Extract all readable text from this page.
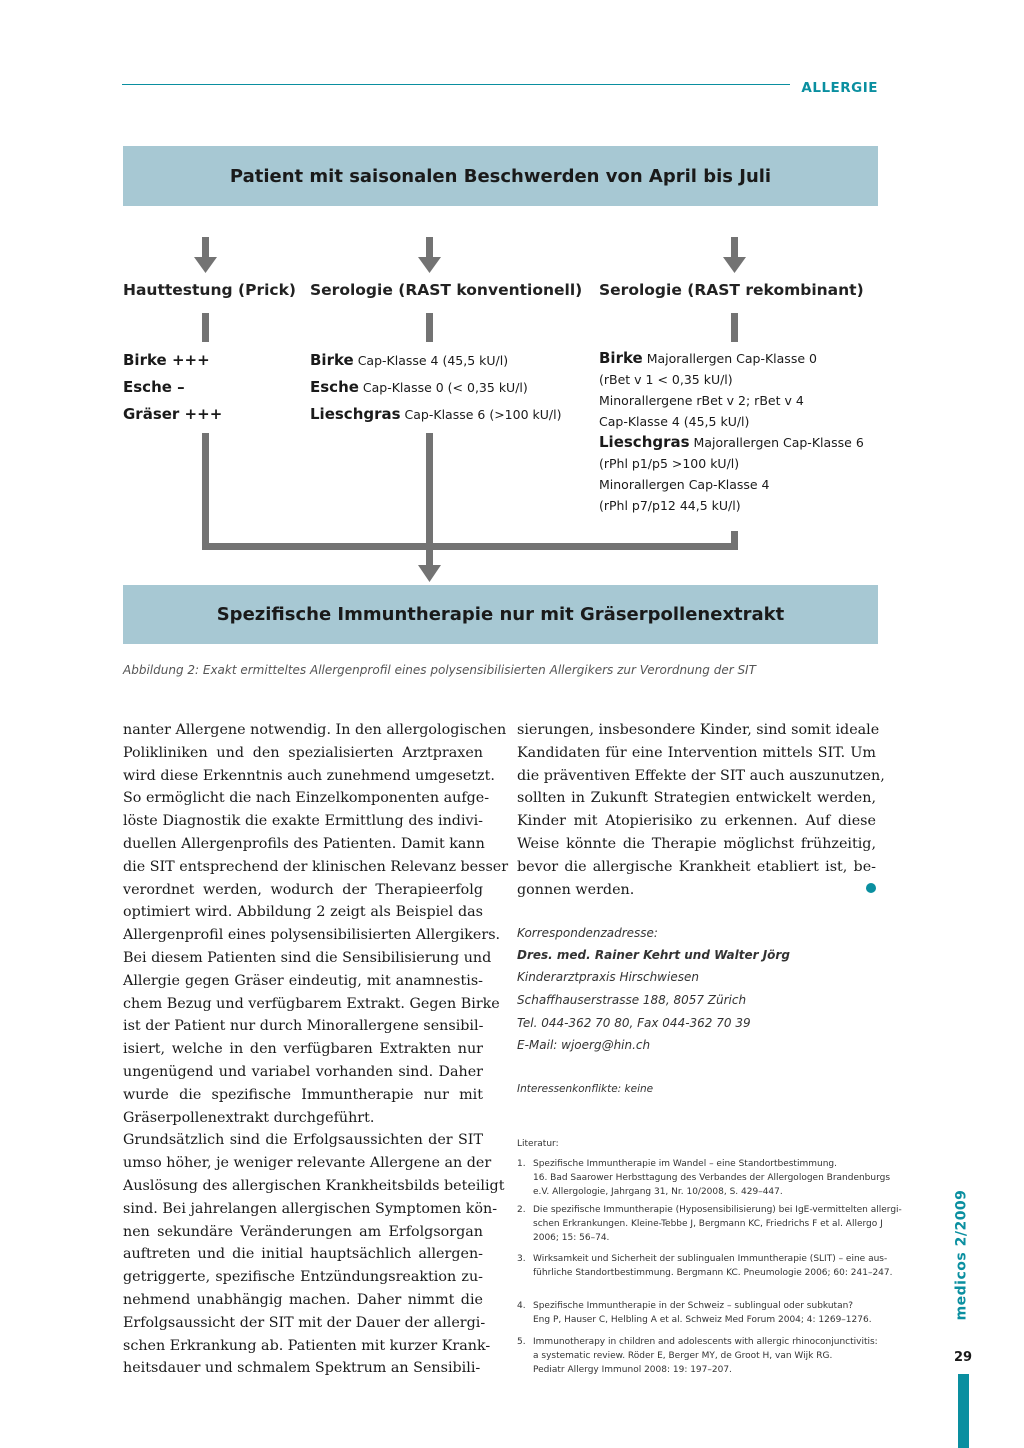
ALLERGIE
Patient mit saisonalen Beschwerden von April bis Juli
Hauttestung (Prick) Serologie (RAST konventionell) Serologie (RAST rekombinant)
Birke +++
Esche –
Gräser +++
Birke Cap-Klasse 4 (45,5 kU/l)
Esche Cap-Klasse 0 (< 0,35 kU/l)
Lieschgras Cap-Klasse 6 (>100 kU/l)
Birke Majorallergen Cap-Klasse 0
(rBet v 1 < 0,35 kU/l)
Minorallergene rBet v 2; rBet v 4
Cap-Klasse 4 (45,5 kU/l)
Lieschgras Majorallergen Cap-Klasse 6
(rPhl p1/p5 >100 kU/l)
Minorallergen Cap-Klasse 4
(rPhl p7/p12 44,5 kU/l)
Spezifische Immuntherapie nur mit Gräserpollenextrakt
Abbildung 2: Exakt ermitteltes Allergenprofil eines polysensibilisierten Allergikers zur Verordnung der SIT
nanter Allergene notwendig. In den allergologischen
Polikliniken und den spezialisierten Arztpraxen
wird diese Erkenntnis auch zunehmend umgesetzt.
So ermöglicht die nach Einzelkomponenten aufge-
löste Diagnostik die exakte Ermittlung des indivi-
duellen Allergenprofils des Patienten. Damit kann
die SIT entsprechend der klinischen Relevanz besser
verordnet werden, wodurch der Therapieerfolg
optimiert wird. Abbildung 2 zeigt als Beispiel das
Allergenprofil eines polysensibilisierten Allergikers.
Bei diesem Patienten sind die Sensibilisierung und
Allergie gegen Gräser eindeutig, mit anamnestis-
chem Bezug und verfügbarem Extrakt. Gegen Birke
ist der Patient nur durch Minorallergene sensibil-
isiert, welche in den verfügbaren Extrakten nur
ungenügend und variabel vorhanden sind. Daher
wurde die spezifische Immuntherapie nur mit
Gräserpollenextrakt durchgeführt.
Grundsätzlich sind die Erfolgsaussichten der SIT
umso höher, je weniger relevante Allergene an der
Auslösung des allergischen Krankheitsbilds beteiligt
sind. Bei jahrelangen allergischen Symptomen kön-
nen sekundäre Veränderungen am Erfolgsorgan
auftreten und die initial hauptsächlich allergen-
getriggerte, spezifische Entzündungsreaktion zu-
nehmend unabhängig machen. Daher nimmt die
Erfolgsaussicht der SIT mit der Dauer der allergi-
schen Erkrankung ab. Patienten mit kurzer Krank-
heitsdauer und schmalem Spektrum an Sensibili-
sierungen, insbesondere Kinder, sind somit ideale
Kandidaten für eine Intervention mittels SIT. Um
die präventiven Effekte der SIT auch auszunutzen,
sollten in Zukunft Strategien entwickelt werden,
Kinder mit Atopierisiko zu erkennen. Auf diese
Weise könnte die Therapie möglichst frühzeitig,
bevor die allergische Krankheit etabliert ist, be-
gonnen werden.
Korrespondenzadresse:
Dres. med. Rainer Kehrt und Walter Jörg
Kinderarztpraxis Hirschwiesen
Schaffhauserstrasse 188, 8057 Zürich
Tel. 044-362 70 80, Fax 044-362 70 39
E-Mail: wjoerg@hin.ch
Interessenkonflikte: keine
Literatur:
1. Spezifische Immuntherapie im Wandel – eine Standortbestimmung.
16. Bad Saarower Herbsttagung des Verbandes der Allergologen Brandenburgs
e.V. Allergologie, Jahrgang 31, Nr. 10/2008, S. 429–447.
2. Die spezifische Immuntherapie (Hyposensibilisierung) bei IgE-vermittelten allergi-
schen Erkrankungen. Kleine-Tebbe J, Bergmann KC, Friedrichs F et al. Allergo J
2006; 15: 56–74.
3. Wirksamkeit und Sicherheit der sublingualen Immuntherapie (SLIT) – eine aus-
führliche Standortbestimmung. Bergmann KC. Pneumologie 2006; 60: 241–247.
4. Spezifische Immuntherapie in der Schweiz – sublingual oder subkutan?
Eng P, Hauser C, Helbling A et al. Schweiz Med Forum 2004; 4: 1269–1276.
5. Immunotherapy in children and adolescents with allergic rhinoconjunctivitis:
a systematic review. Röder E, Berger MY, de Groot H, van Wijk RG.
Pediatr Allergy Immunol 2008: 19: 197–207.
medicos 2/2009
29
